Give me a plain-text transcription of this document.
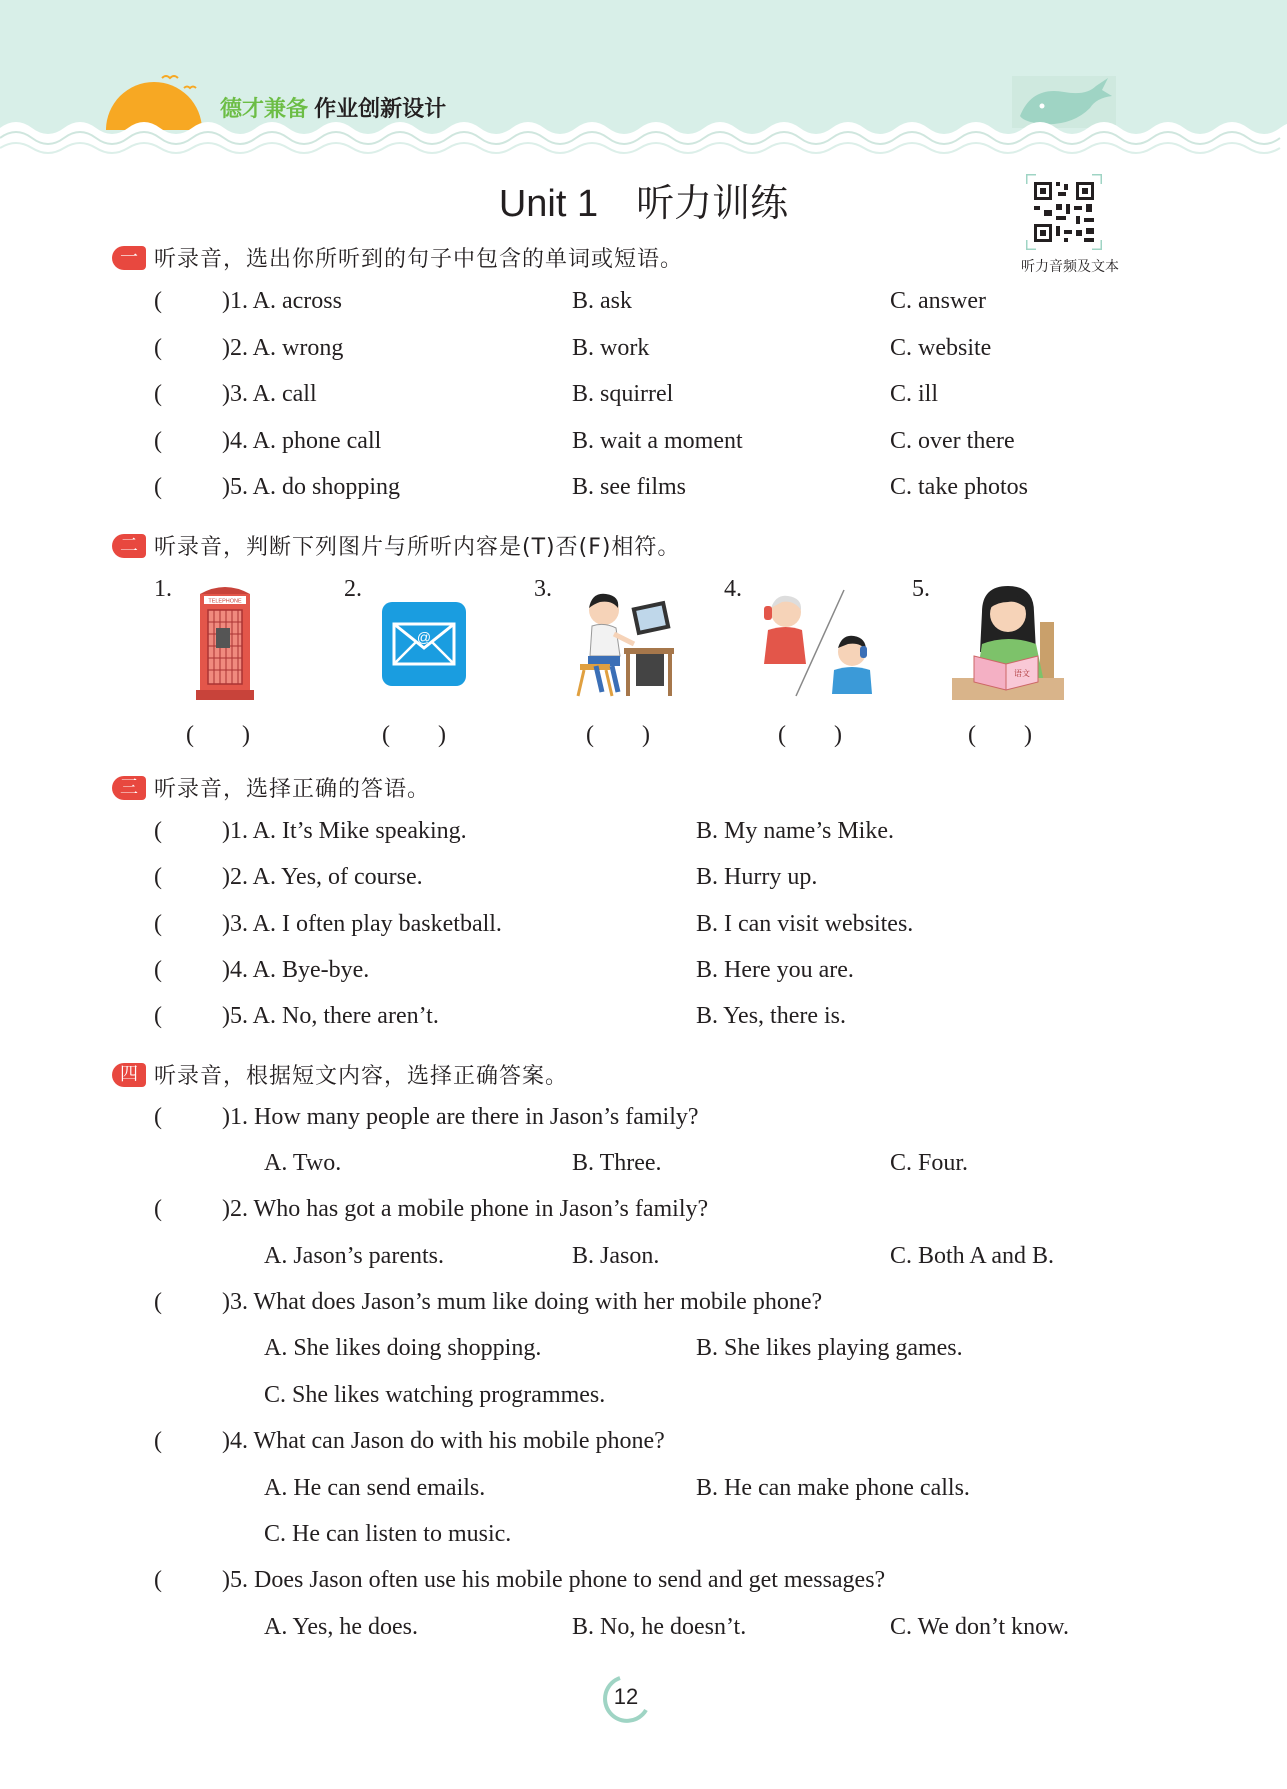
德才兼备 作业创新设计
Unit 1　听力训练
听力音频及文本
一 听录音，选出你所听到的句子中包含的单词或短语。
(	)1. A. across	B. ask	C. answer
(	)2. A. wrong	B. work	C. website
(	)3. A. call	B. squirrel	C. ill
(	)4. A. phone call	B. wait a moment	C. over there
(	)5. A. do shopping	B. see films	C. take photos
二 听录音，判断下列图片与所听内容是(T)否(F)相符。
1.	TELEPHONE
(　　)
2.
@
(　　)
3.
(　　)
4.
(　　)
5.
语文
(　　)
三 听录音，选择正确的答语。
(	)1. A. It’s Mike speaking.	B. My name’s Mike.
(	)2. A. Yes, of course.	B. Hurry up.
(	)3. A. I often play basketball.	B. I can visit websites.
(	)4. A. Bye-bye.	B. Here you are.
(	)5. A. No, there aren’t.	B. Yes, there is.
四 听录音，根据短文内容，选择正确答案。
(	)1. How many people are there in Jason’s family?
A. Two.	B. Three.	C. Four.
(	)2. Who has got a mobile phone in Jason’s family?
A. Jason’s parents.	B. Jason.	C. Both A and B.
(	)3. What does Jason’s mum like doing with her mobile phone?
A. She likes doing shopping.	B. She likes playing games.
C. She likes watching programmes.
(	)4. What can Jason do with his mobile phone?
A. He can send emails.	B. He can make phone calls.
C. He can listen to music.
(	)5. Does Jason often use his mobile phone to send and get messages?
A. Yes, he does.	B. No, he doesn’t.	C. We don’t know.
12
